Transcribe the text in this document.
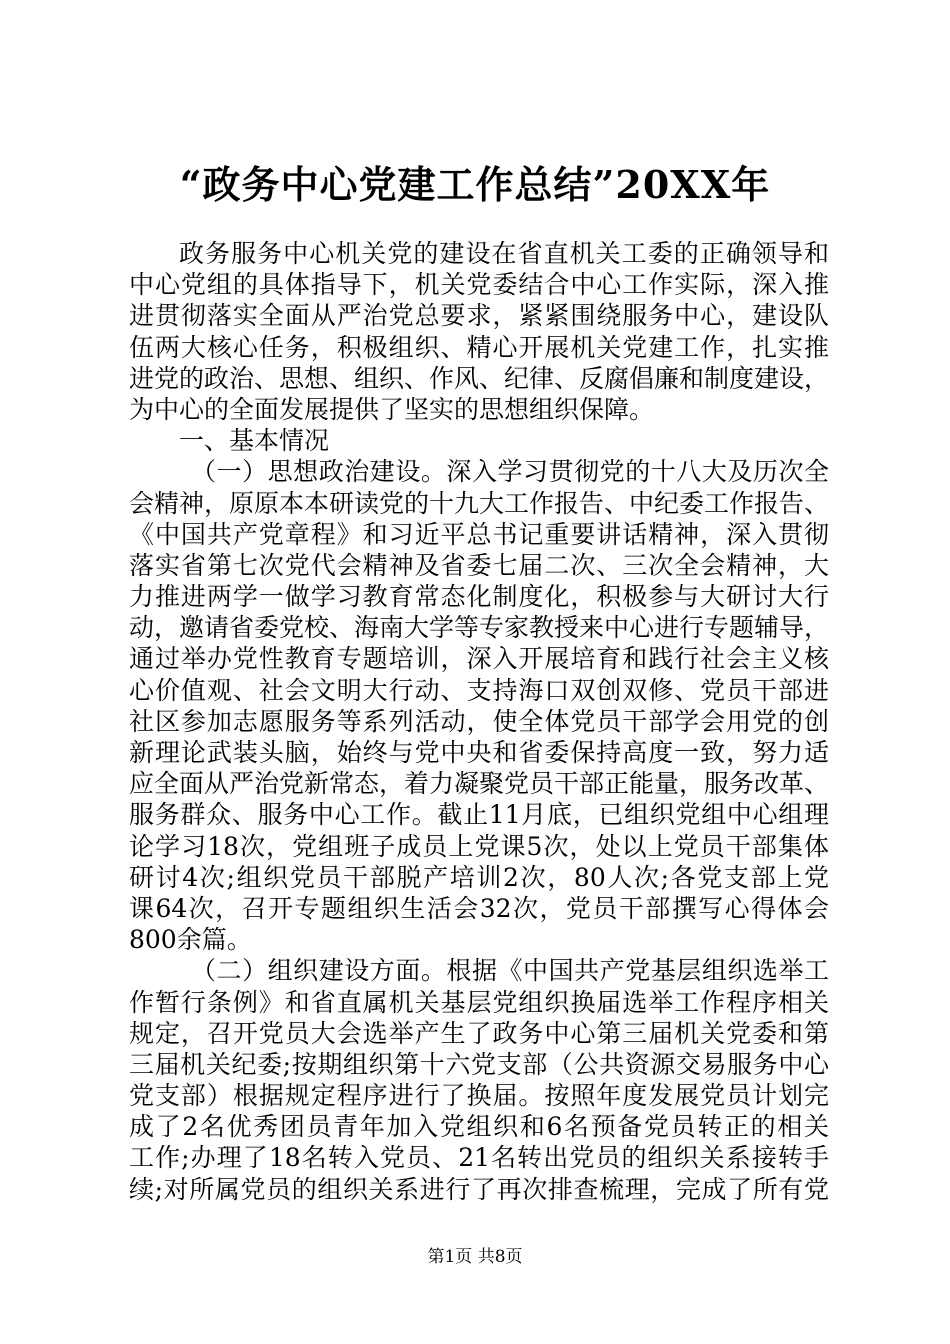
“政务中心党建工作总结”20XX年
政务服务中心机关党的建设在省直机关工委的正确领导和
中心党组的具体指导下，机关党委结合中心工作实际，深入推
进贯彻落实全面从严治党总要求，紧紧围绕服务中心，建设队
伍两大核心任务，积极组织、精心开展机关党建工作，扎实推
进党的政治、思想、组织、作风、纪律、反腐倡廉和制度建设，
为中心的全面发展提供了坚实的思想组织保障。
一、基本情况
（一）思想政治建设。深入学习贯彻党的十八大及历次全
会精神，原原本本研读党的十九大工作报告、中纪委工作报告、
《中国共产党章程》和习近平总书记重要讲话精神，深入贯彻
落实省第七次党代会精神及省委七届二次、三次全会精神，大
力推进两学一做学习教育常态化制度化，积极参与大研讨大行
动，邀请省委党校、海南大学等专家教授来中心进行专题辅导，
通过举办党性教育专题培训，深入开展培育和践行社会主义核
心价值观、社会文明大行动、支持海口双创双修、党员干部进
社区参加志愿服务等系列活动，使全体党员干部学会用党的创
新理论武装头脑，始终与党中央和省委保持高度一致，努力适
应全面从严治党新常态，着力凝聚党员干部正能量，服务改革、
服务群众、服务中心工作。截止11月底，已组织党组中心组理
论学习18次，党组班子成员上党课5次，处以上党员干部集体
研讨4次;组织党员干部脱产培训2次，80人次;各党支部上党
课64次，召开专题组织生活会32次，党员干部撰写心得体会
800余篇。
（二）组织建设方面。根据《中国共产党基层组织选举工
作暂行条例》和省直属机关基层党组织换届选举工作程序相关
规定，召开党员大会选举产生了政务中心第三届机关党委和第
三届机关纪委;按期组织第十六党支部（公共资源交易服务中心
党支部）根据规定程序进行了换届。按照年度发展党员计划完
成了2名优秀团员青年加入党组织和6名预备党员转正的相关
工作;办理了18名转入党员、21名转出党员的组织关系接转手
续;对所属党员的组织关系进行了再次排查梳理，完成了所有党
第1页 共8页
